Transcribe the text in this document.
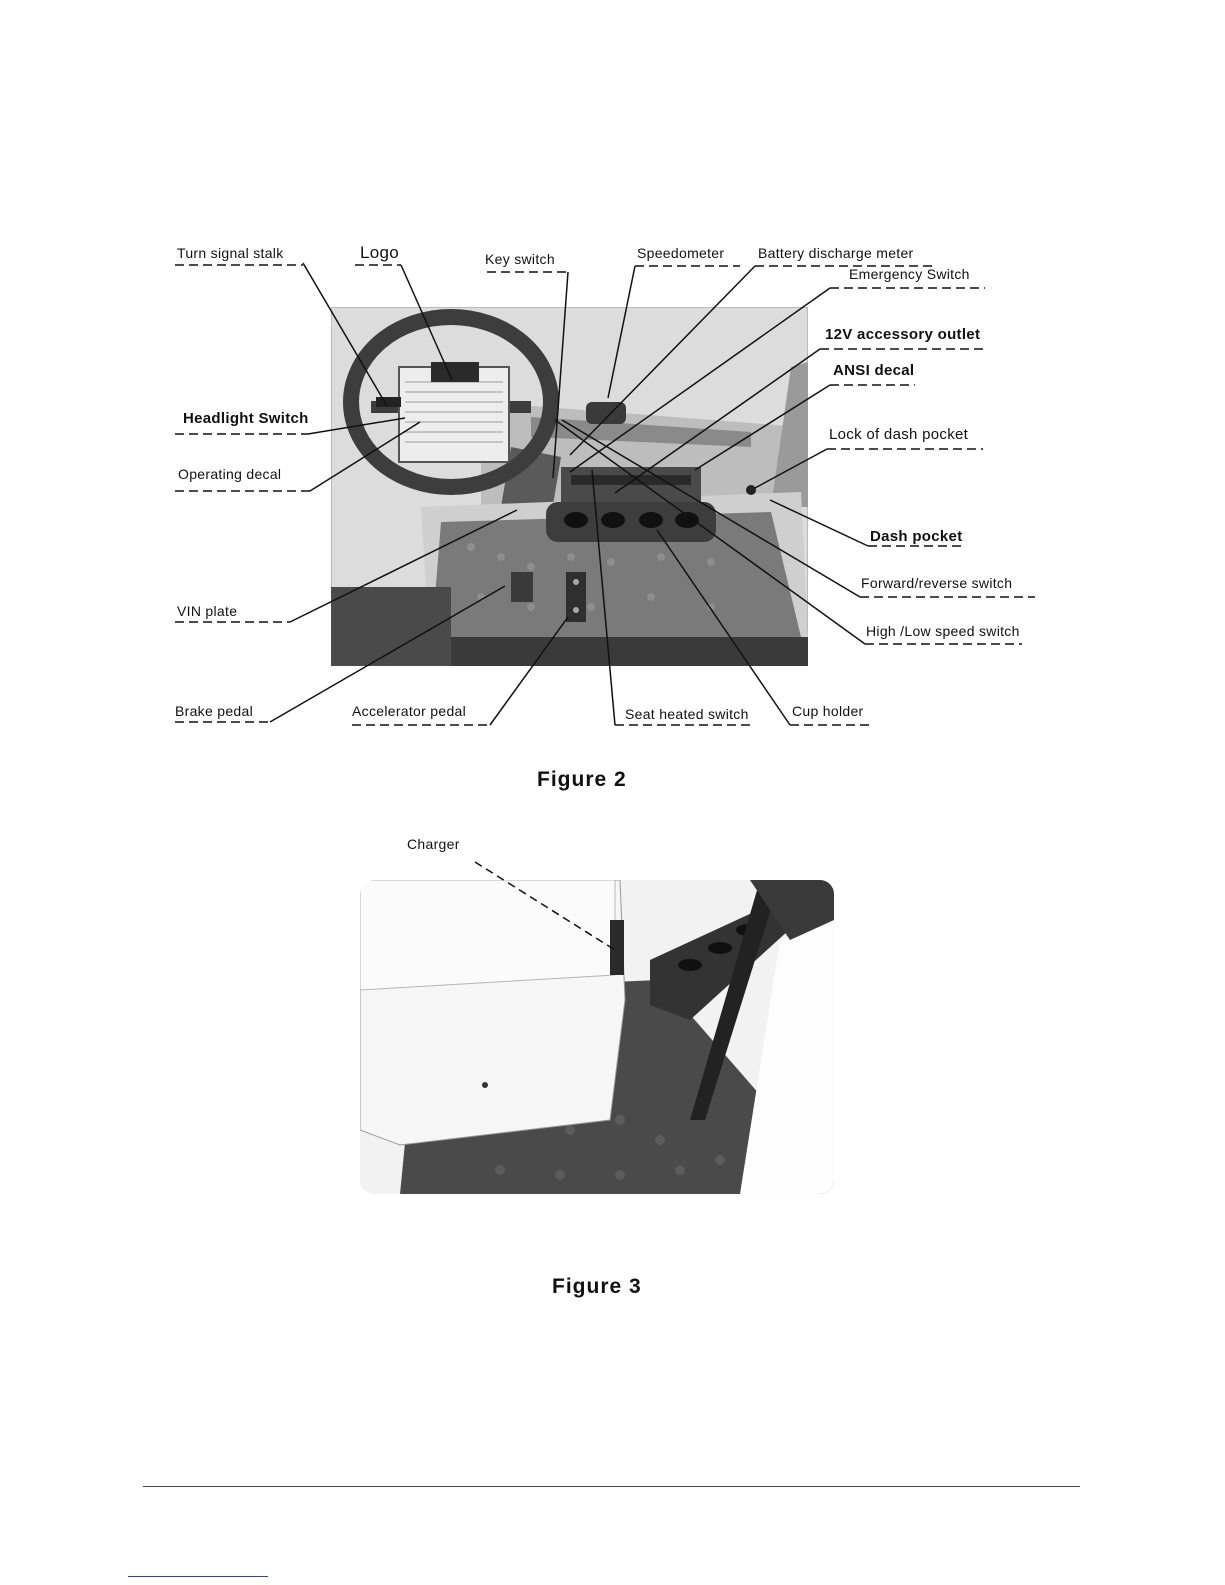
Turn signal stalk	Logo	Key switch	Speedometer Battery discharge meter
Emergency Switch
12V accessory outlet
ANSI decal
Lock of dash pocket
Headlight Switch
Operating decal
Dash pocket
Forward/reverse switch
VIN plate
High /Low speed switch
Brake pedal	Accelerator pedal	Seat heated switch	Cup holder
Figure 2
Charger
Figure 3
